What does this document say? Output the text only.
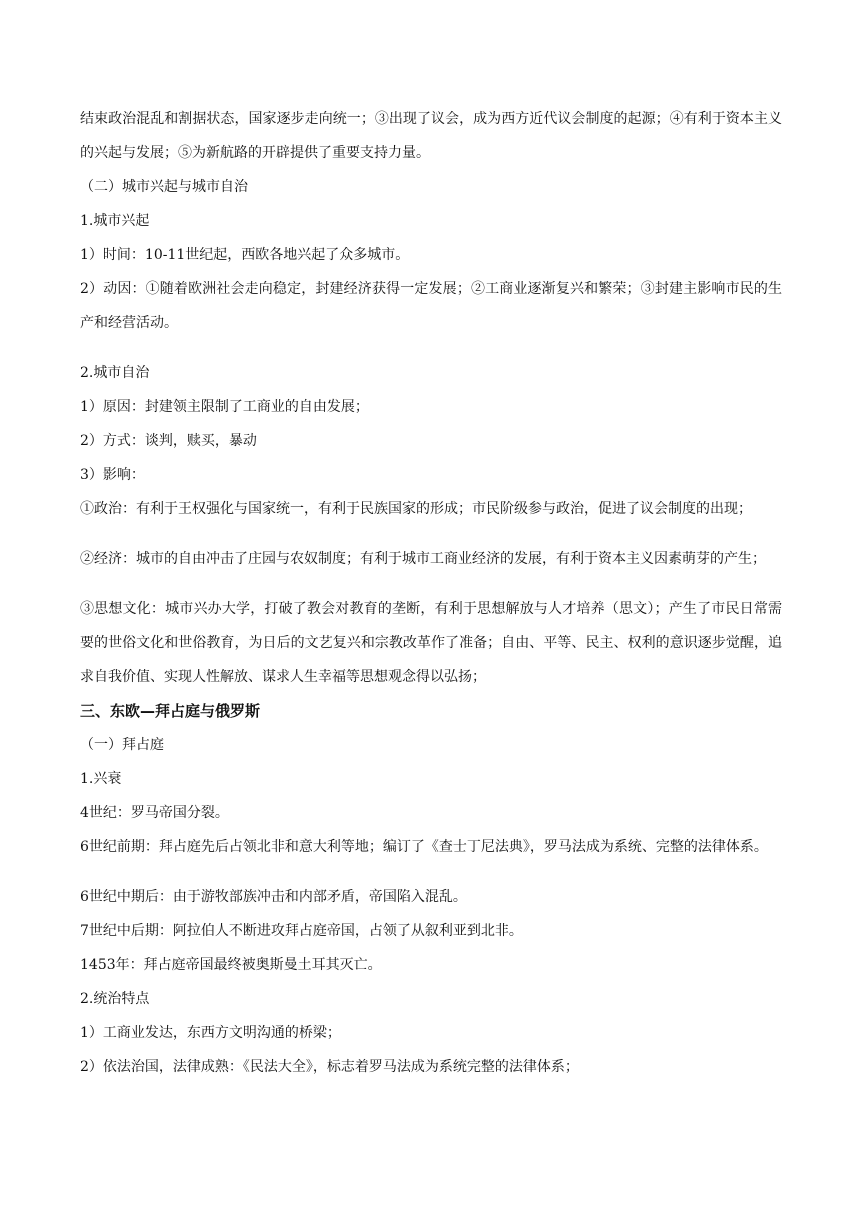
结束政治混乱和割据状态，国家逐步走向统一；③出现了议会，成为西方近代议会制度的起源；④有利于资本主义的兴起与发展；⑤为新航路的开辟提供了重要支持力量。

（二）城市兴起与城市自治

1.城市兴起

1）时间：10-11世纪起，西欧各地兴起了众多城市。

2）动因：①随着欧洲社会走向稳定，封建经济获得一定发展；②工商业逐渐复兴和繁荣；③封建主影响市民的生产和经营活动。

2.城市自治

1）原因：封建领主限制了工商业的自由发展；

2）方式：谈判，赎买，暴动

3）影响：

①政治：有利于王权强化与国家统一，有利于民族国家的形成；市民阶级参与政治，促进了议会制度的出现；

②经济：城市的自由冲击了庄园与农奴制度；有利于城市工商业经济的发展，有利于资本主义因素萌芽的产生；

③思想文化：城市兴办大学，打破了教会对教育的垄断，有利于思想解放与人才培养（思文）；产生了市民日常需要的世俗文化和世俗教育，为日后的文艺复兴和宗教改革作了准备；自由、平等、民主、权利的意识逐步觉醒，追求自我价值、实现人性解放、谋求人生幸福等思想观念得以弘扬；

三、东欧—拜占庭与俄罗斯

（一）拜占庭

1.兴衰

4世纪：罗马帝国分裂。

6世纪前期：拜占庭先后占领北非和意大利等地；编订了《查士丁尼法典》，罗马法成为系统、完整的法律体系。

6世纪中期后：由于游牧部族冲击和内部矛盾，帝国陷入混乱。

7世纪中后期：阿拉伯人不断进攻拜占庭帝国，占领了从叙利亚到北非。

1453年：拜占庭帝国最终被奥斯曼土耳其灭亡。

2.统治特点

1）工商业发达，东西方文明沟通的桥梁；

2）依法治国，法律成熟：《民法大全》，标志着罗马法成为系统完整的法律体系；
